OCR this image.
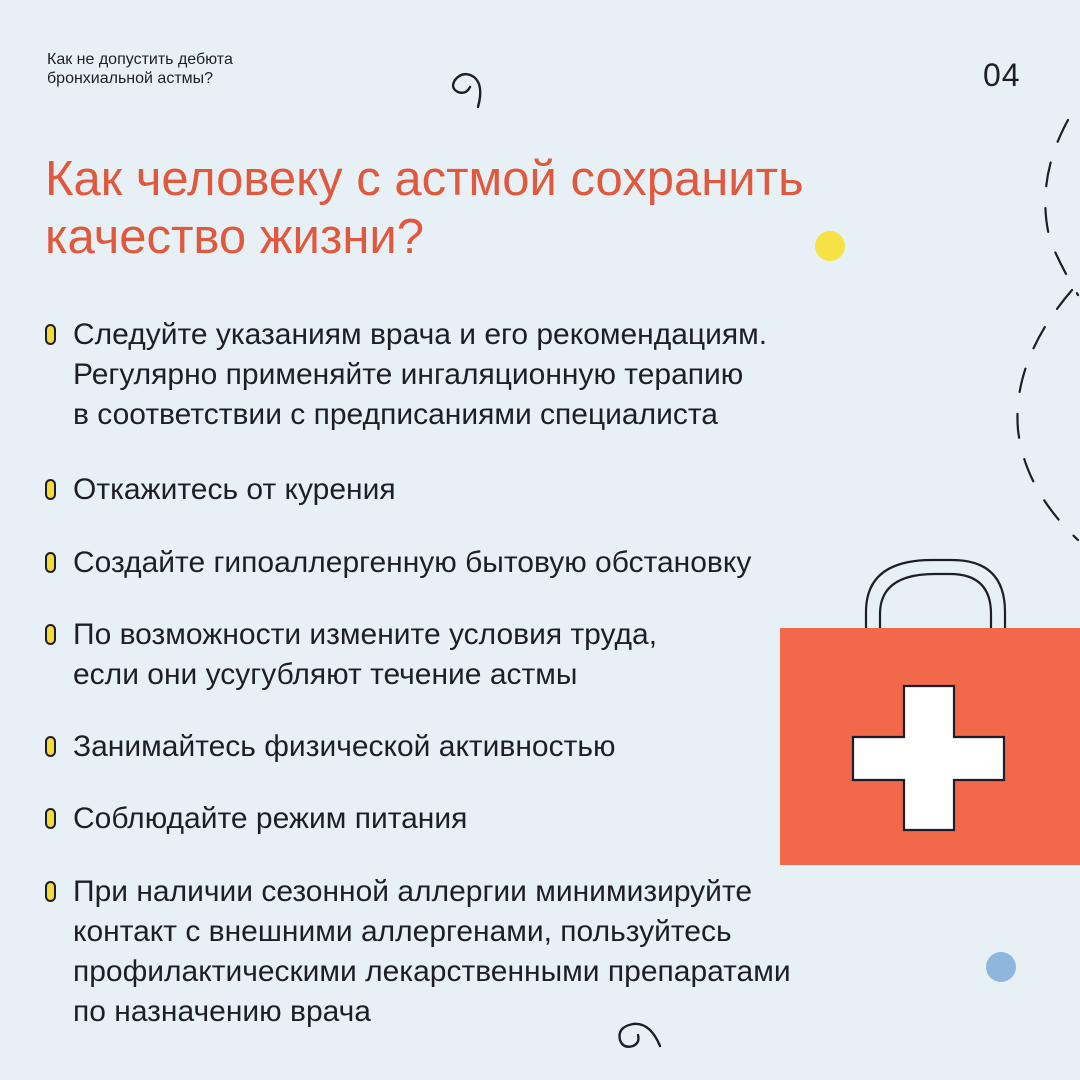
Как не допустить дебюта
бронхиальной астмы?	04
Как человеку с астмой сохранить
качество жизни?
Следуйте указаниям врача и его рекомендациям.
Регулярно применяйте ингаляционную терапию
в соответствии с предписаниями специалиста
Откажитесь от курения
Создайте гипоаллергенную бытовую обстановку
По возможности измените условия труда,
если они усугубляют течение астмы
Занимайтесь физической активностью
Соблюдайте режим питания
При наличии сезонной аллергии минимизируйте
контакт с внешними аллергенами, пользуйтесь
профилактическими лекарственными препаратами
по назначению врача
